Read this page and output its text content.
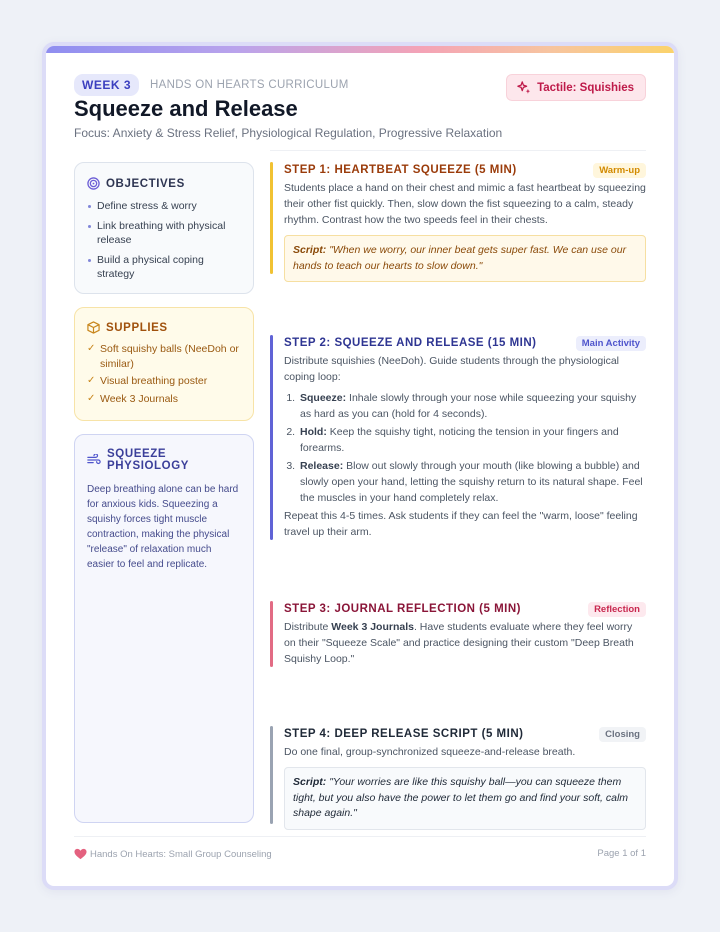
WEEK 3	HANDS ON HEARTS CURRICULUM	Tactile: Squishies
Squeeze and Release
Focus: Anxiety & Stress Relief, Physiological Regulation, Progressive Relaxation
OBJECTIVES
Define stress & worry
Link breathing with physical release
Build a physical coping strategy
SUPPLIES
✓ Soft squishy balls (NeeDoh or similar)
✓ Visual breathing poster
✓ Week 3 Journals
SQUEEZE PHYSIOLOGY

Deep breathing alone can be hard for anxious kids. Squeezing a squishy forces tight muscle contraction, making the physical "release" of relaxation much easier to feel and replicate.

STEP 1: HEARTBEAT SQUEEZE (5 MIN)	Warm-up

Students place a hand on their chest and mimic a fast heartbeat by squeezing their other fist quickly. Then, slow down the fist squeezing to a calm, steady rhythm. Contrast how the two speeds feel in their chests.

Script: "When we worry, our inner beat gets super fast. We can use our hands to teach our hearts to slow down."
STEP 2: SQUEEZE AND RELEASE (15 MIN)	Main Activity

Distribute squishies (NeeDoh). Guide students through the physiological coping loop:

1. Squeeze: Inhale slowly through your nose while squeezing your squishy as hard as you can (hold for 4 seconds).
2. Hold: Keep the squishy tight, noticing the tension in your fingers and forearms.
3. Release: Blow out slowly through your mouth (like blowing a bubble) and slowly open your hand, letting the squishy return to its natural shape. Feel the muscles in your hand completely relax.

Repeat this 4-5 times. Ask students if they can feel the "warm, loose" feeling travel up their arm.

STEP 3: JOURNAL REFLECTION (5 MIN)	Reflection

Distribute Week 3 Journals. Have students evaluate where they feel worry on their "Squeeze Scale" and practice designing their custom "Deep Breath Squishy Loop."

STEP 4: DEEP RELEASE SCRIPT (5 MIN)	Closing

Do one final, group-synchronized squeeze-and-release breath.

Script: "Your worries are like this squishy ball—you can squeeze them tight, but you also have the power to let them go and find your soft, calm shape again."
Hands On Hearts: Small Group Counseling	Page 1 of 1
